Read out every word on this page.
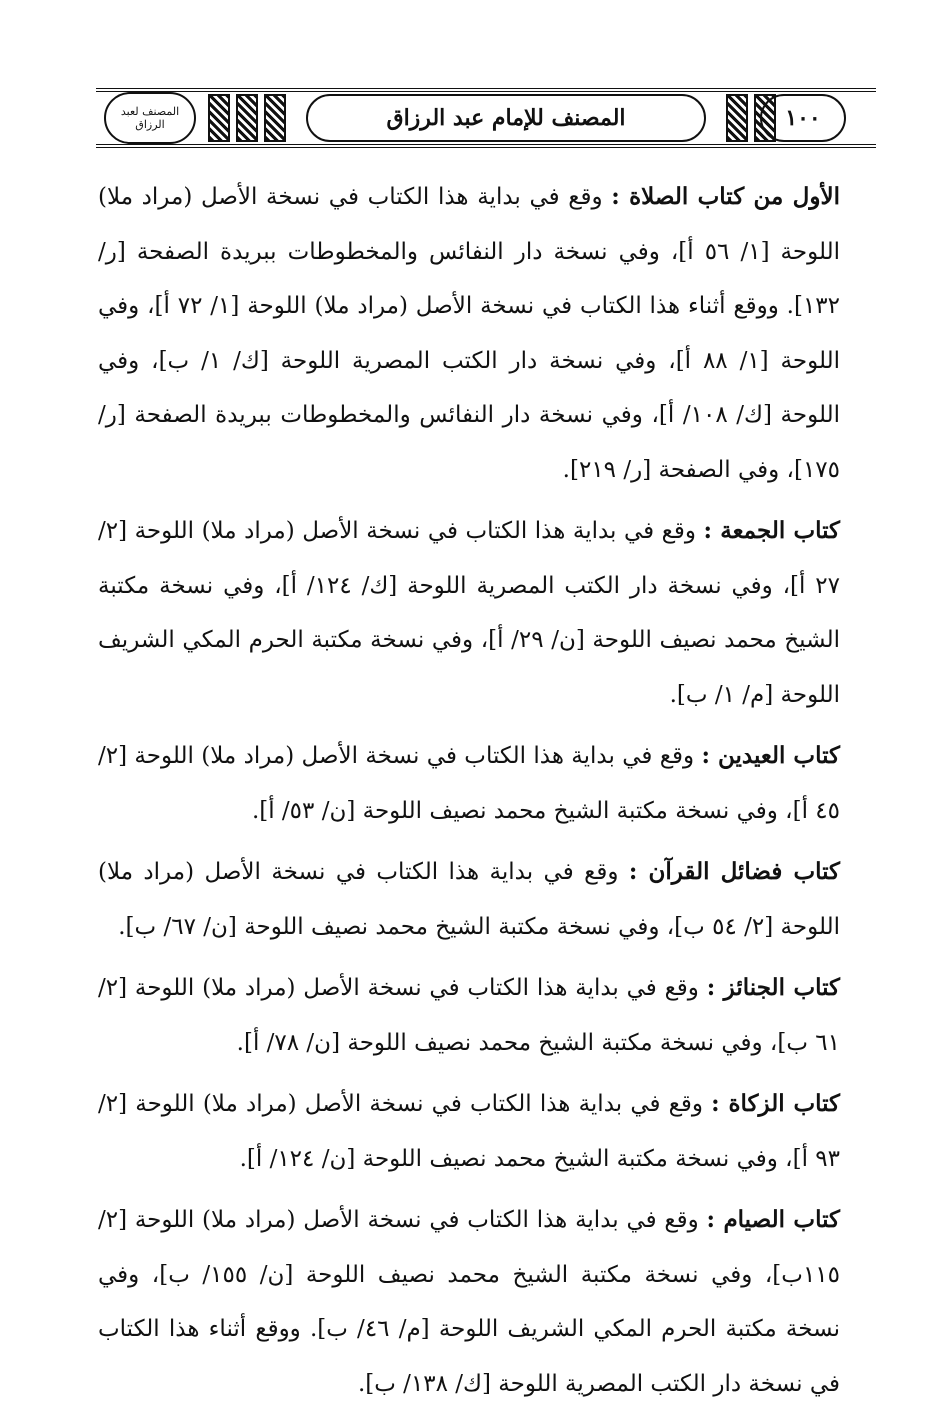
المصنف لعبد الرزاق	المصنف للإمام عبد الرزاق	١٠٠

الأول من كتاب الصلاة : وقع في بداية هذا الكتاب في نسخة الأصل (مراد ملا) اللوحة [١/ ٥٦ أ]، وفي نسخة دار النفائس والمخطوطات ببريدة الصفحة [ر/ ١٣٢]. ووقع أثناء هذا الكتاب في نسخة الأصل (مراد ملا) اللوحة [١/ ٧٢ أ]، وفي اللوحة [١/ ٨٨ أ]، وفي نسخة دار الكتب المصرية اللوحة [ك/ ١/ ب]، وفي اللوحة [ك/ ١٠٨/ أ]، وفي نسخة دار النفائس والمخطوطات ببريدة الصفحة [ر/ ١٧٥]، وفي الصفحة [ر/ ٢١٩].

كتاب الجمعة : وقع في بداية هذا الكتاب في نسخة الأصل (مراد ملا) اللوحة [٢/ ٢٧ أ]، وفي نسخة دار الكتب المصرية اللوحة [ك/ ١٢٤/ أ]، وفي نسخة مكتبة الشيخ محمد نصيف اللوحة [ن/ ٢٩/ أ]، وفي نسخة مكتبة الحرم المكي الشريف اللوحة [م/ ١/ ب].

كتاب العيدين : وقع في بداية هذا الكتاب في نسخة الأصل (مراد ملا) اللوحة [٢/ ٤٥ أ]، وفي نسخة مكتبة الشيخ محمد نصيف اللوحة [ن/ ٥٣/ أ].

كتاب فضائل القرآن : وقع في بداية هذا الكتاب في نسخة الأصل (مراد ملا) اللوحة [٢/ ٥٤ ب]، وفي نسخة مكتبة الشيخ محمد نصيف اللوحة [ن/ ٦٧/ ب].

كتاب الجنائز : وقع في بداية هذا الكتاب في نسخة الأصل (مراد ملا) اللوحة [٢/ ٦١ ب]، وفي نسخة مكتبة الشيخ محمد نصيف اللوحة [ن/ ٧٨/ أ].

كتاب الزكاة : وقع في بداية هذا الكتاب في نسخة الأصل (مراد ملا) اللوحة [٢/ ٩٣ أ]، وفي نسخة مكتبة الشيخ محمد نصيف اللوحة [ن/ ١٢٤/ أ].

كتاب الصيام : وقع في بداية هذا الكتاب في نسخة الأصل (مراد ملا) اللوحة [٢/ ١١٥ب]، وفي نسخة مكتبة الشيخ محمد نصيف اللوحة [ن/ ١٥٥/ ب]، وفي نسخة مكتبة الحرم المكي الشريف اللوحة [م/ ٤٦/ ب]. ووقع أثناء هذا الكتاب في نسخة دار الكتب المصرية اللوحة [ك/ ١٣٨/ ب].
